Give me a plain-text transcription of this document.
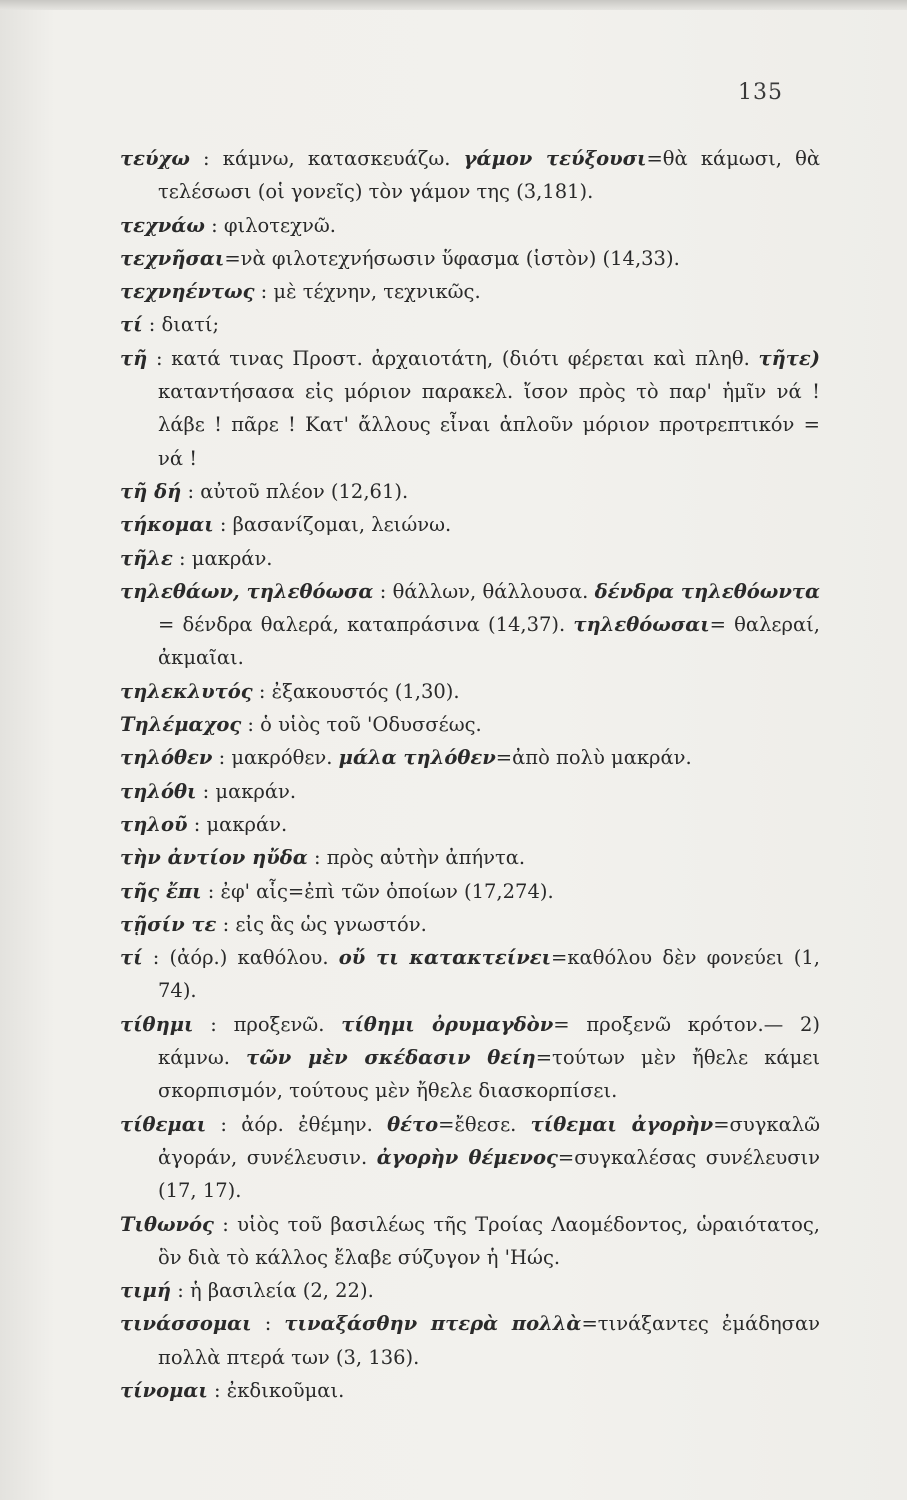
135

τεύχω : κάμνω, κατασκευάζω. γάμον τεύξουσι=θὰ κάμωσι, θὰ τελέσωσι (οἱ γονεῖς) τὸν γάμον της (3,181).

τεχνάω : φιλοτεχνῶ.

τεχνῆσαι=νὰ φιλοτεχνήσωσιν ὕφασμα (ἱστὸν) (14,33).

τεχνηέντως : μὲ τέχνην, τεχνικῶς.

τί : διατί;

τῆ : κατά τινας Προστ. ἀρχαιοτάτη, (διότι φέρεται καὶ πληθ. τῆτε) καταντήσασα εἰς μόριον παρακελ. ἴσον πρὸς τὸ παρ' ἡμῖν νά ! λάβε ! πᾶρε ! Κατ' ἄλλους εἶναι ἁπλοῦν μόριον προτρεπτικόν = νά !

τῆ δή : αὐτοῦ πλέον (12,61).

τήκομαι : βασανίζομαι, λειώνω.

τῆλε : μακράν.

τηλεθάων, τηλεθόωσα : θάλλων, θάλλουσα. δένδρα τηλεθόωντα = δένδρα θαλερά, καταπράσινα (14,37). τηλεθόωσαι= θαλεραί, ἀκμαῖαι.

τηλεκλυτός : ἐξακουστός (1,30).

Τηλέμαχος : ὁ υἱὸς τοῦ 'Οδυσσέως.

τηλόθεν : μακρόθεν. μάλα τηλόθεν=ἀπὸ πολὺ μακράν.

τηλόθι : μακράν.

τηλοῦ : μακράν.

τὴν ἀντίον ηὔδα : πρὸς αὐτὴν ἀπήντα.

τῆς ἔπι : ἐφ' αἷς=ἐπὶ τῶν ὁποίων (17,274).

τῇσίν τε : εἰς ἃς ὡς γνωστόν.

τί : (ἀόρ.) καθόλου. οὔ τι κατακτείνει=καθόλου δὲν φονεύει (1, 74).

τίθημι : προξενῶ. τίθημι ὀρυμαγδὸν= προξενῶ κρότον.— 2) κάμνω. τῶν μὲν σκέδασιν θείη=τούτων μὲν ἤθελε κάμει σκορπισμόν, τούτους μὲν ἤθελε διασκορπίσει.

τίθεμαι : ἀόρ. ἐθέμην. θέτο=ἔθεσε. τίθεμαι ἀγορὴν=συγκαλῶ ἀγοράν, συνέλευσιν. ἀγορὴν θέμενος=συγκαλέσας συνέλευσιν (17, 17).

Τιθωνός : υἱὸς τοῦ βασιλέως τῆς Τροίας Λαομέδοντος, ὡραιότατος, ὃν διὰ τὸ κάλλος ἔλαβε σύζυγον ἡ 'Ηώς.

τιμή : ἡ βασιλεία (2, 22).

τινάσσομαι : τιναξάσθην πτερὰ πολλὰ=τινάξαντες ἐμάδησαν πολλὰ πτερά των (3, 136).

τίνομαι : ἐκδικοῦμαι.
